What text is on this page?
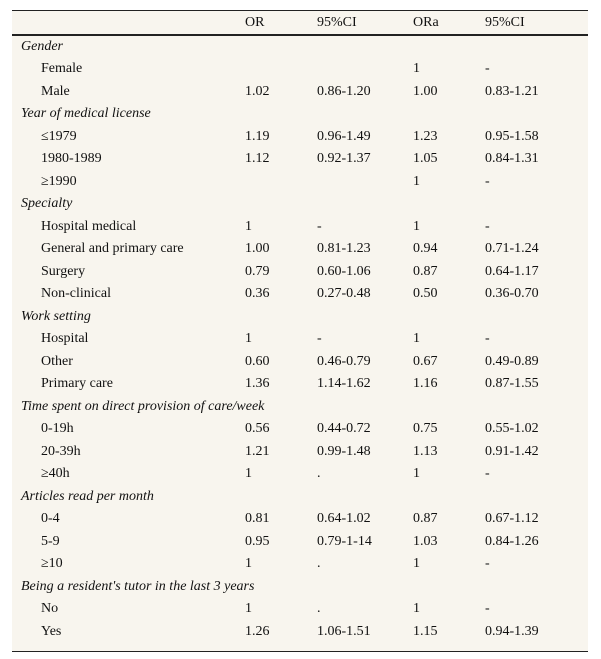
	OR	95%CI	ORa	95%CI
Gender				
Female			1	-
Male	1.02	0.86-1.20	1.00	0.83-1.21
Year of medical license				
≤1979	1.19	0.96-1.49	1.23	0.95-1.58
1980-1989	1.12	0.92-1.37	1.05	0.84-1.31
≥1990			1	-
Specialty				
Hospital medical	1	-	1	-
General and primary care	1.00	0.81-1.23	0.94	0.71-1.24
Surgery	0.79	0.60-1.06	0.87	0.64-1.17
Non-clinical	0.36	0.27-0.48	0.50	0.36-0.70
Work setting				
Hospital	1	-	1	-
Other	0.60	0.46-0.79	0.67	0.49-0.89
Primary care	1.36	1.14-1.62	1.16	0.87-1.55
Time spent on direct provision of care/week				
0-19h	0.56	0.44-0.72	0.75	0.55-1.02
20-39h	1.21	0.99-1.48	1.13	0.91-1.42
≥40h	1	.	1	-
Articles read per month				
0-4	0.81	0.64-1.02	0.87	0.67-1.12
5-9	0.95	0.79-1-14	1.03	0.84-1.26
≥10	1	.	1	-
Being a resident's tutor in the last 3 years				
No	1	.	1	-
Yes	1.26	1.06-1.51	1.15	0.94-1.39
